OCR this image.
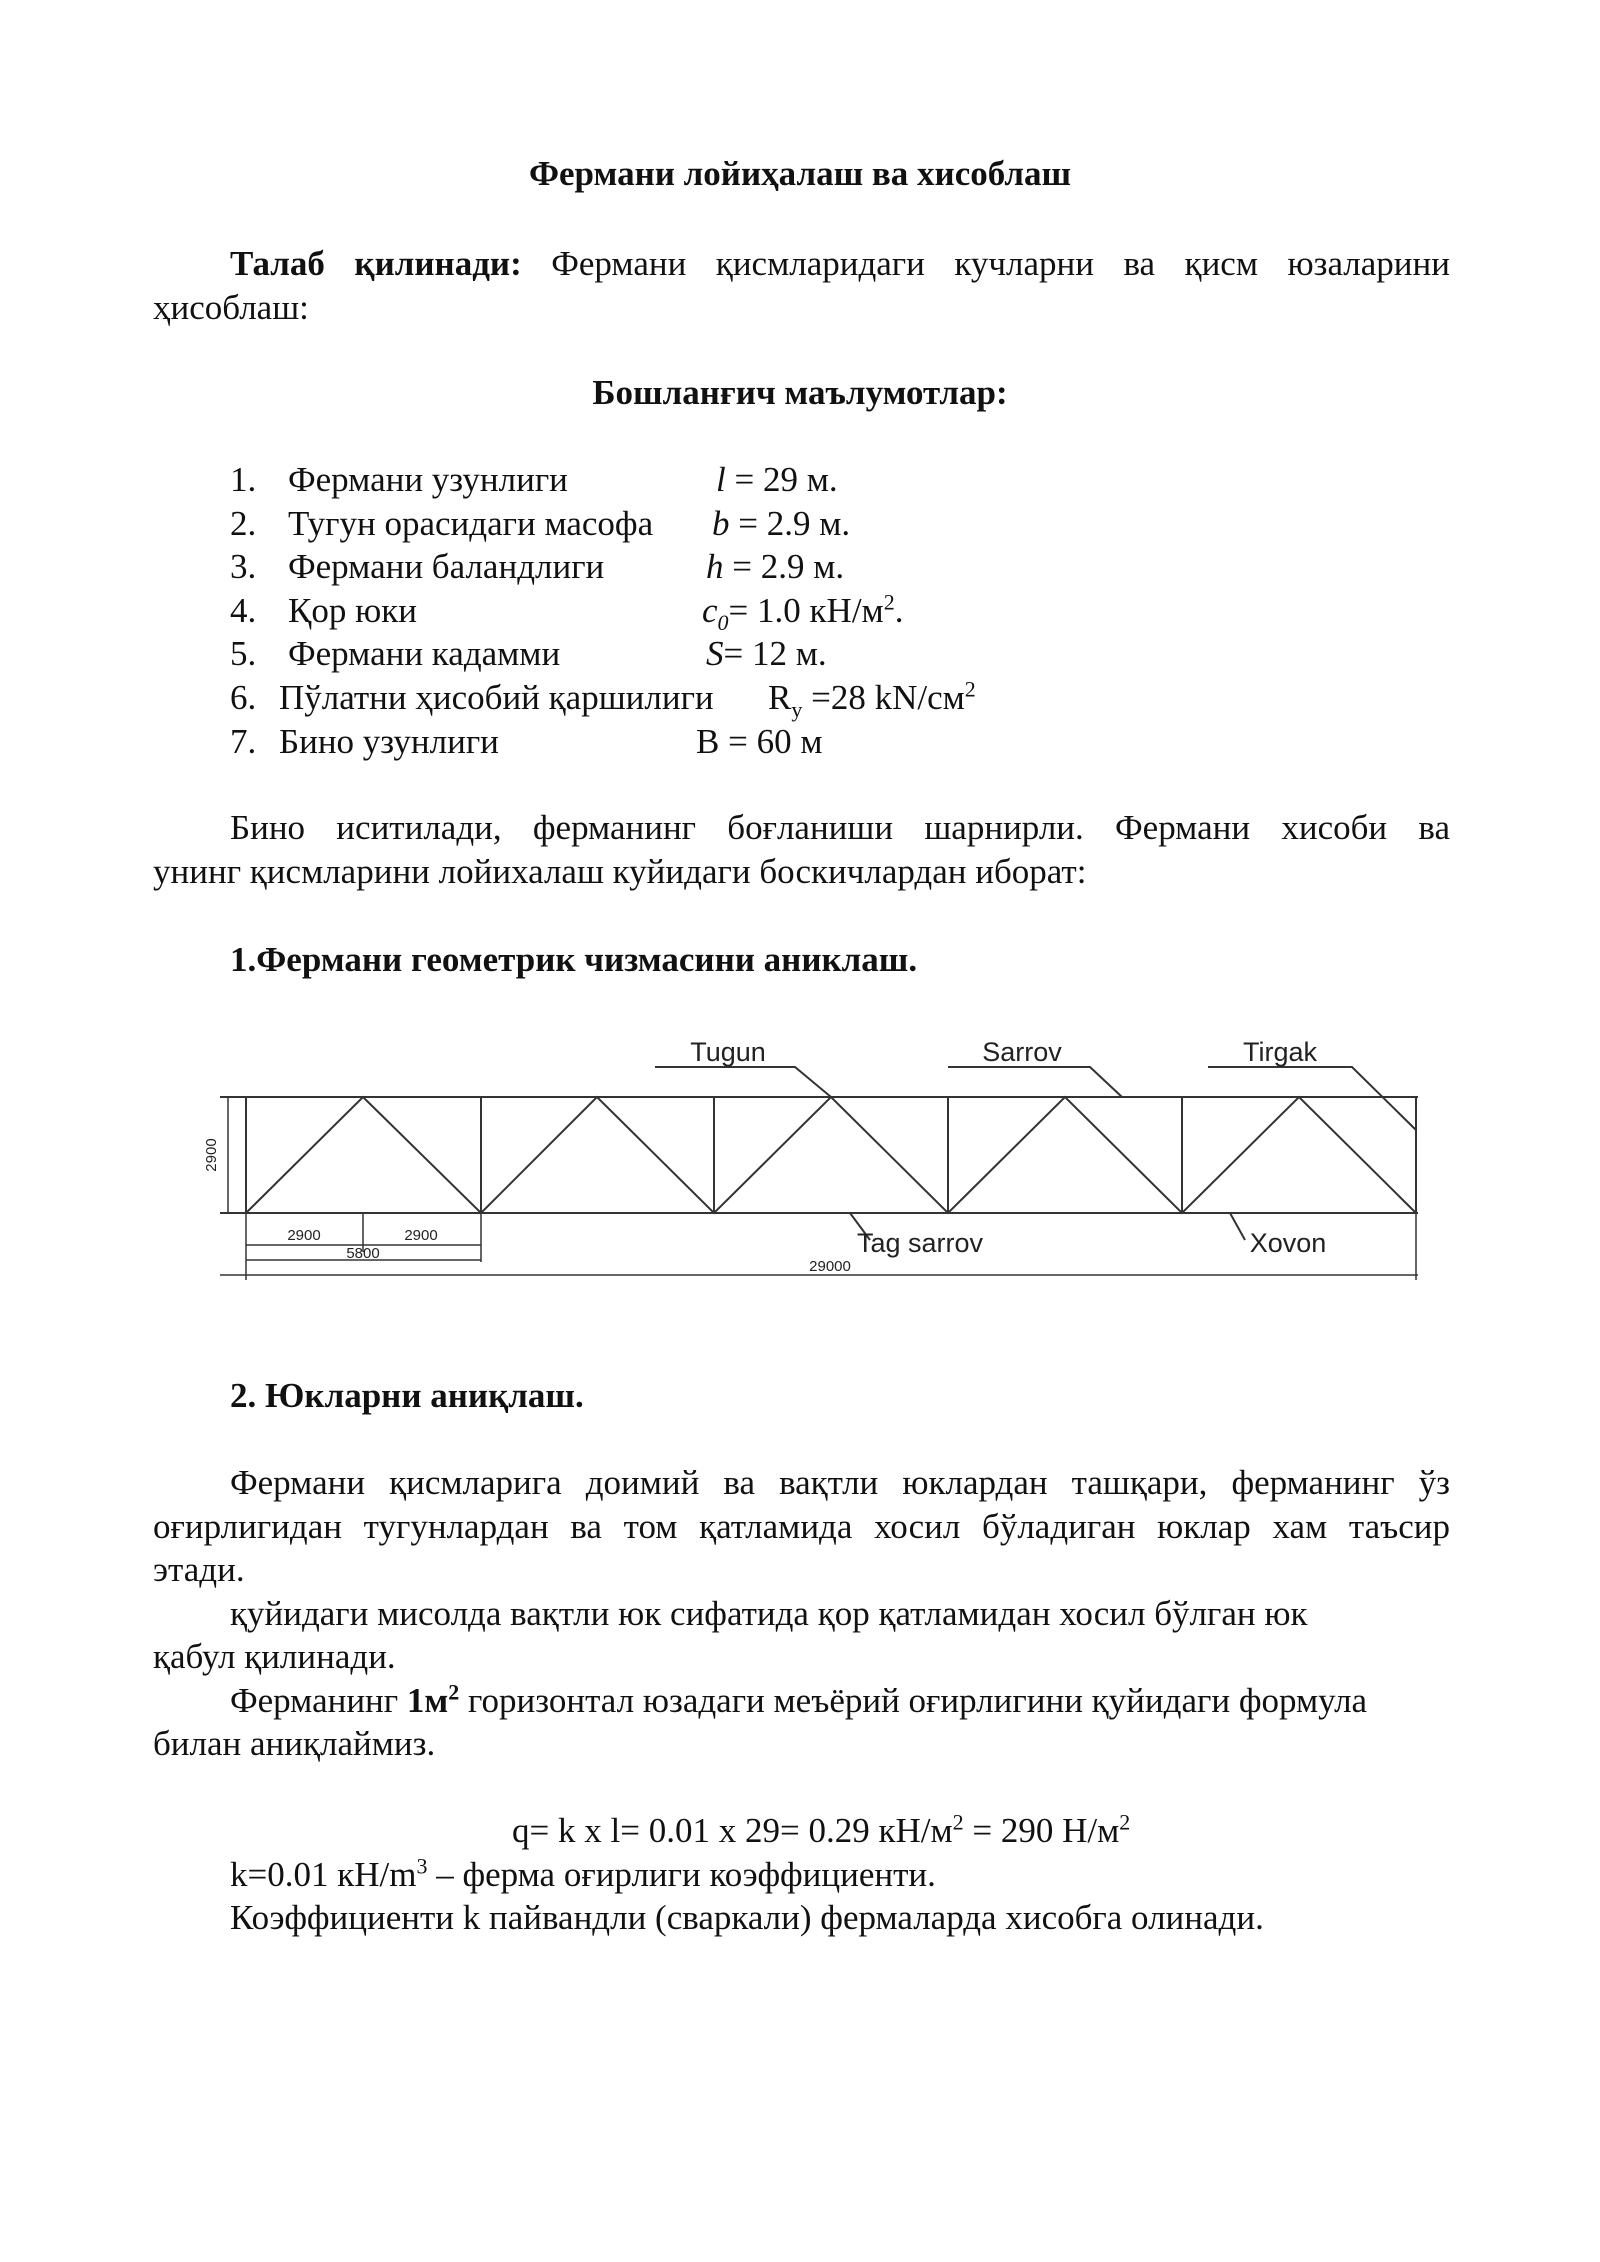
Фермани лойиҳалаш ва хисоблаш
Талаб қилинади: Фермани қисмларидаги кучларни ва қисм юзаларини
ҳисоблаш:
Бошланғич маълумотлар:
1. Фермани узунлиги	l = 29 м.
2. Тугун орасидаги масофа b = 2.9 м.
3. Фермани баландлиги	h = 2.9 м.
4. Қор юки	$c_0= 1.0$ $кН/м^2$.
5. Фермани кадамми	S= 12 м.
6. Пўлатни ҳисобий қаршилиги $R_у =28$ $kN/см^2$
7. Бино узунлиги	B = 60 м
Бино иситилади, ферманинг боғланиши шарнирли. Фермани хисоби ва
унинг қисмларини лойихалаш куйидаги боскичлардан иборат:
1.Фермани геометрик чизмасини аниклаш.
Tugun	Sarrov	Tirgak
Tag sarrov	Xovon
2900
2900	2900
5800
29000
2. Юкларни аниқлаш.
Фермани қисмларига доимий ва вақтли юклардан ташқари, ферманинг ўз
оғирлигидан тугунлардан ва том қатламида хосил бўладиган юклар хам таъсир
этади.
қуйидаги мисолда вақтли юк сифатида қор қатламидан хосил бўлган юк
қабул қилинади.
Ферманинг $1м^2$ горизонтал юзадаги меъёрий оғирлигини қуйидаги формула
билан аниқлаймиз.
q= k x l= 0.01 x 29= 0.29 $кН/м^2 = 290$ $Н/м^2$
k=0.01 $кН/m^3$ – ферма оғирлиги коэффициенти.
Коэффициенти k пайвандли (сваркали) фермаларда хисобга олинади.
